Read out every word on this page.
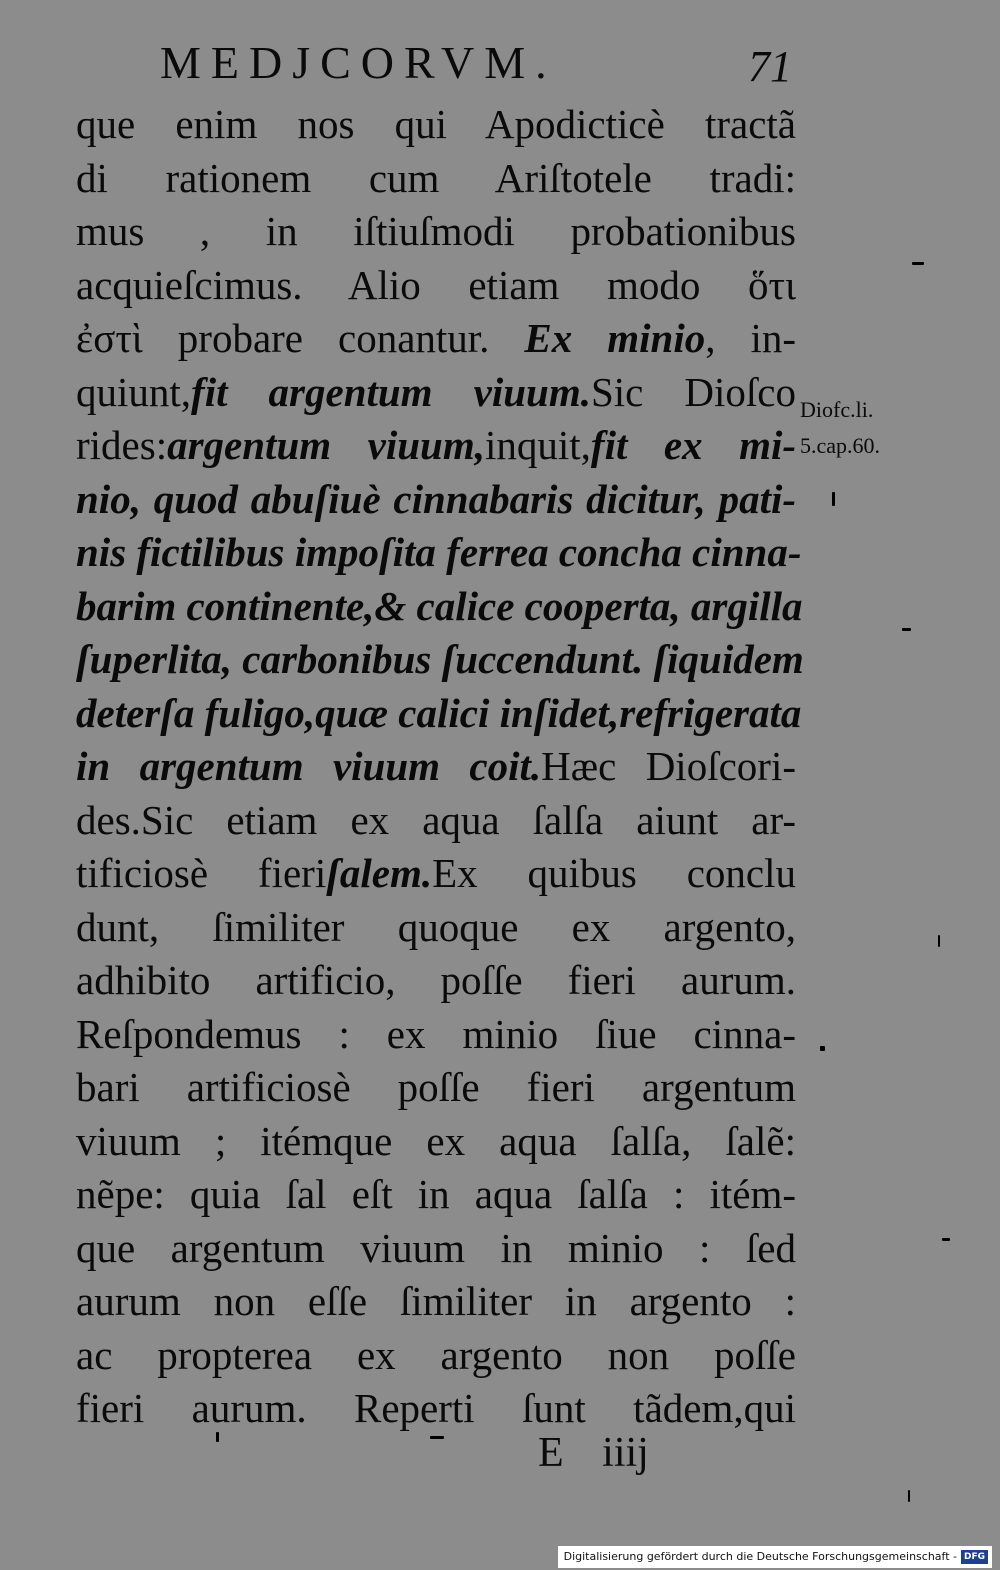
MEDJCORVM.	71
que enim nos qui Apodicticè tractã
di rationem cum Ariſtotele tradi:
mus , in iſtiuſmodi probationibus
acquieſcimus. Alio etiam modo ὅτι
ἐστὶ probare conantur. Ex minio, in-
quiunt,fit argentum viuum.Sic Dioſco
rides:argentum viuum,inquit,fit ex mi-
nio, quod abuſiuè cinnabaris dicitur, pati-
nis fictilibus impoſita ferrea concha cinna-
barim continente,& calice cooperta, argilla
ſuperlita, carbonibus ſuccendunt. ſiquidem
deterſa fuligo,quæ calici inſidet,refrigerata
in argentum viuum coit.Hæc Dioſcori-
des.Sic etiam ex aqua ſalſa aiunt ar-
tificiosè fieriſalem.Ex quibus conclu
dunt, ſimiliter quoque ex argento,
adhibito artificio, poſſe fieri aurum.
Reſpondemus : ex minio ſiue cinna-
bari artificiosè poſſe fieri argentum
viuum ; itémque ex aqua ſalſa, ſalẽ:
nẽpe: quia ſal eſt in aqua ſalſa : itém-
que argentum viuum in minio : ſed
aurum non eſſe ſimiliter in argento :
ac propterea ex argento non poſſe
fieri aurum. Reperti ſunt tãdem,qui
Diofc.li.
5.cap.60.
E iiij
Digitalisierung gefördert durch die Deutsche Forschungsgemeinschaft - DFG
